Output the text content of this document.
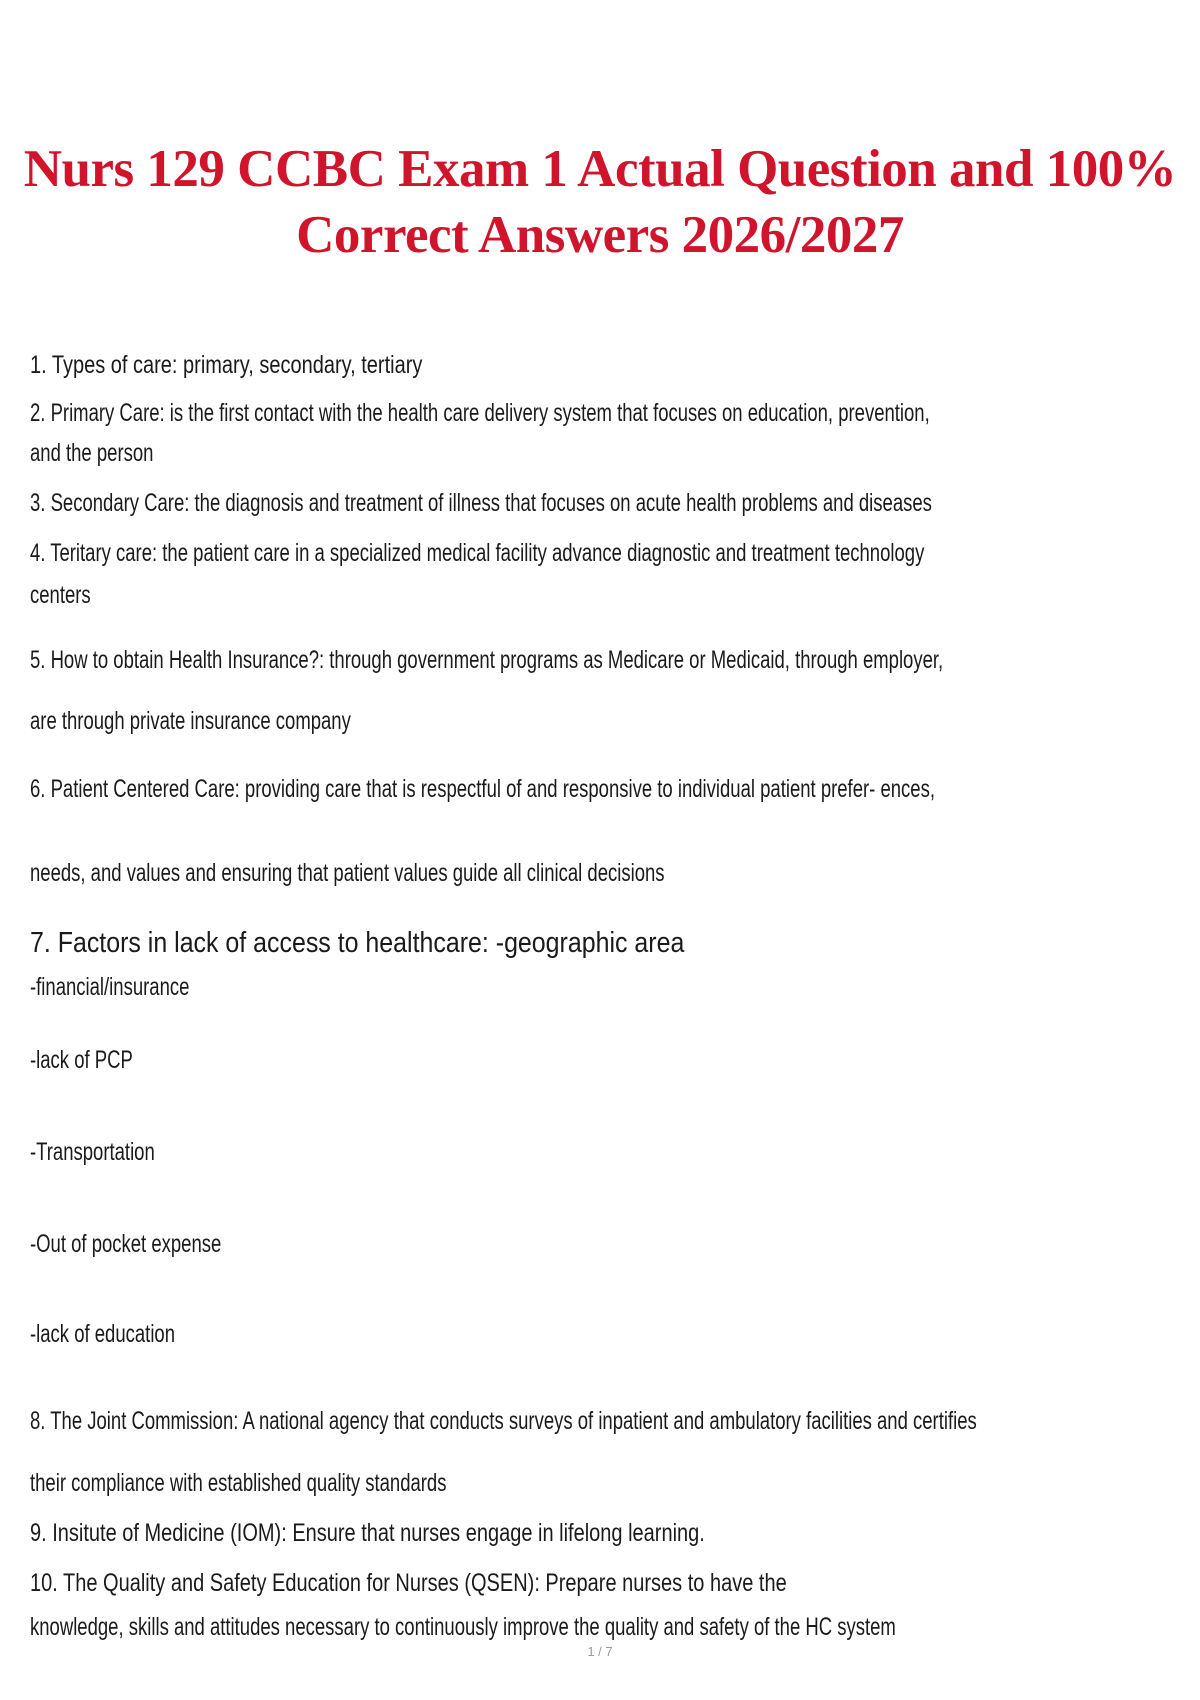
Nurs 129 CCBC Exam 1 Actual Question and 100%
Correct Answers 2026/2027
1. Types of care: primary, secondary, tertiary
2. Primary Care: is the first contact with the health care delivery system that focuses on education, prevention,
and the person
3. Secondary Care: the diagnosis and treatment of illness that focuses on acute health problems and diseases
4. Teritary care: the patient care in a specialized medical facility advance diagnostic and treatment technology
centers
5. How to obtain Health Insurance?: through government programs as Medicare or Medicaid, through employer,
are through private insurance company
6. Patient Centered Care: providing care that is respectful of and responsive to individual patient prefer- ences,
needs, and values and ensuring that patient values guide all clinical decisions
7. Factors in lack of access to healthcare: -geographic area
-financial/insurance
-lack of PCP
-Transportation
-Out of pocket expense
-lack of education
8. The Joint Commission: A national agency that conducts surveys of inpatient and ambulatory facilities and certifies
their compliance with established quality standards
9. Insitute of Medicine (IOM): Ensure that nurses engage in lifelong learning.
10. The Quality and Safety Education for Nurses (QSEN): Prepare nurses to have the
knowledge, skills and attitudes necessary to continuously improve the quality and safety of the HC system
1 / 7
